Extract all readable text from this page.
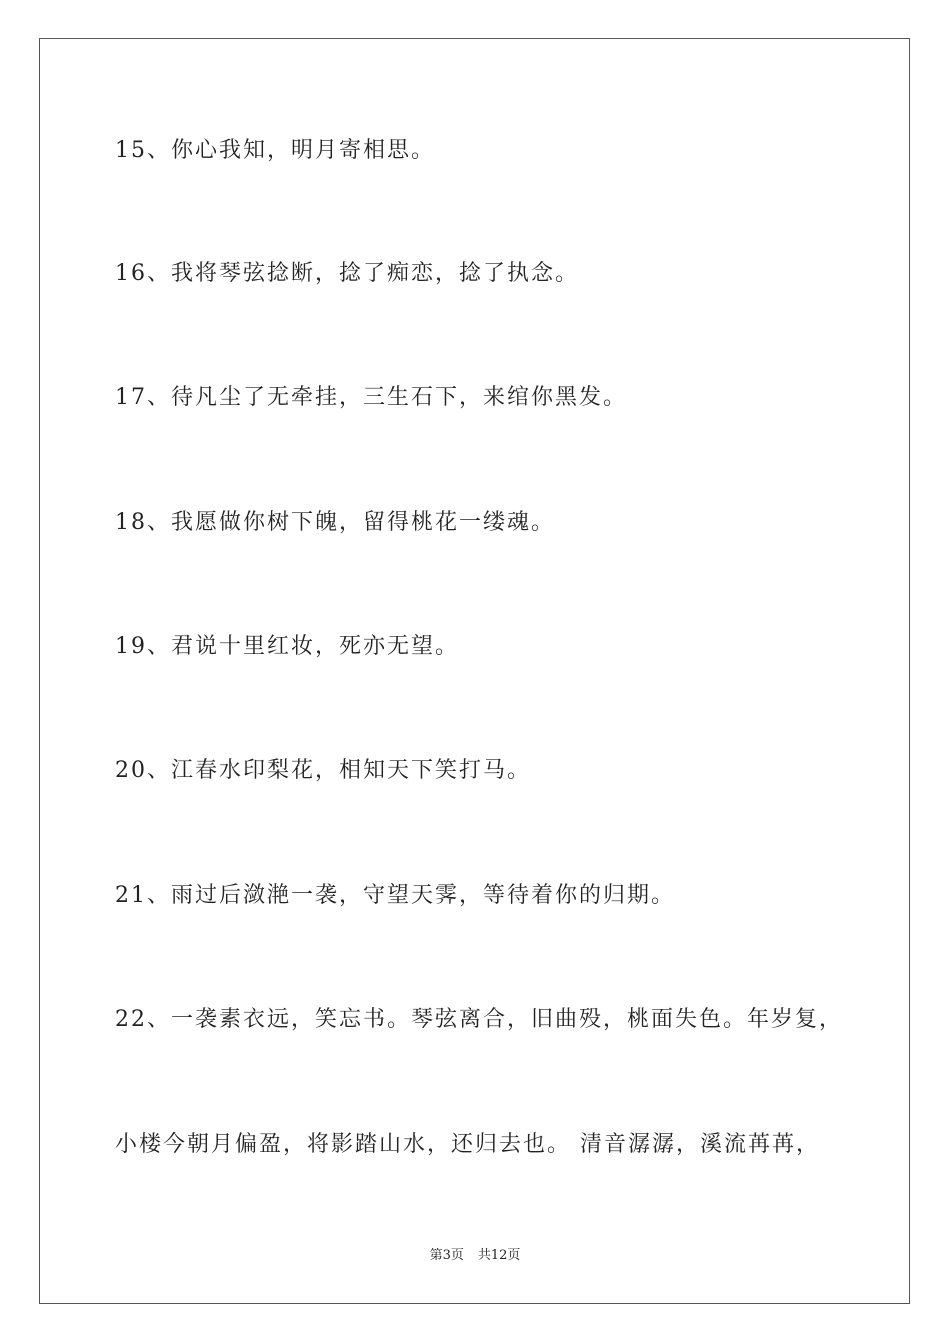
15、你心我知，明月寄相思。
16、我将琴弦捻断，捻了痴恋，捻了执念。
17、待凡尘了无牵挂，三生石下，来绾你黑发。
18、我愿做你树下魄，留得桃花一缕魂。
19、君说十里红妆，死亦无望。
20、江春水印梨花，相知天下笑打马。
21、雨过后潋滟一袭，守望天霁，等待着你的归期。
22、一袭素衣远，笑忘书。琴弦离合，旧曲殁，桃面失色。年岁复，
小楼今朝月偏盈，将影踏山水，还归去也。 清音潺潺，溪流苒苒，
第3页 共12页
